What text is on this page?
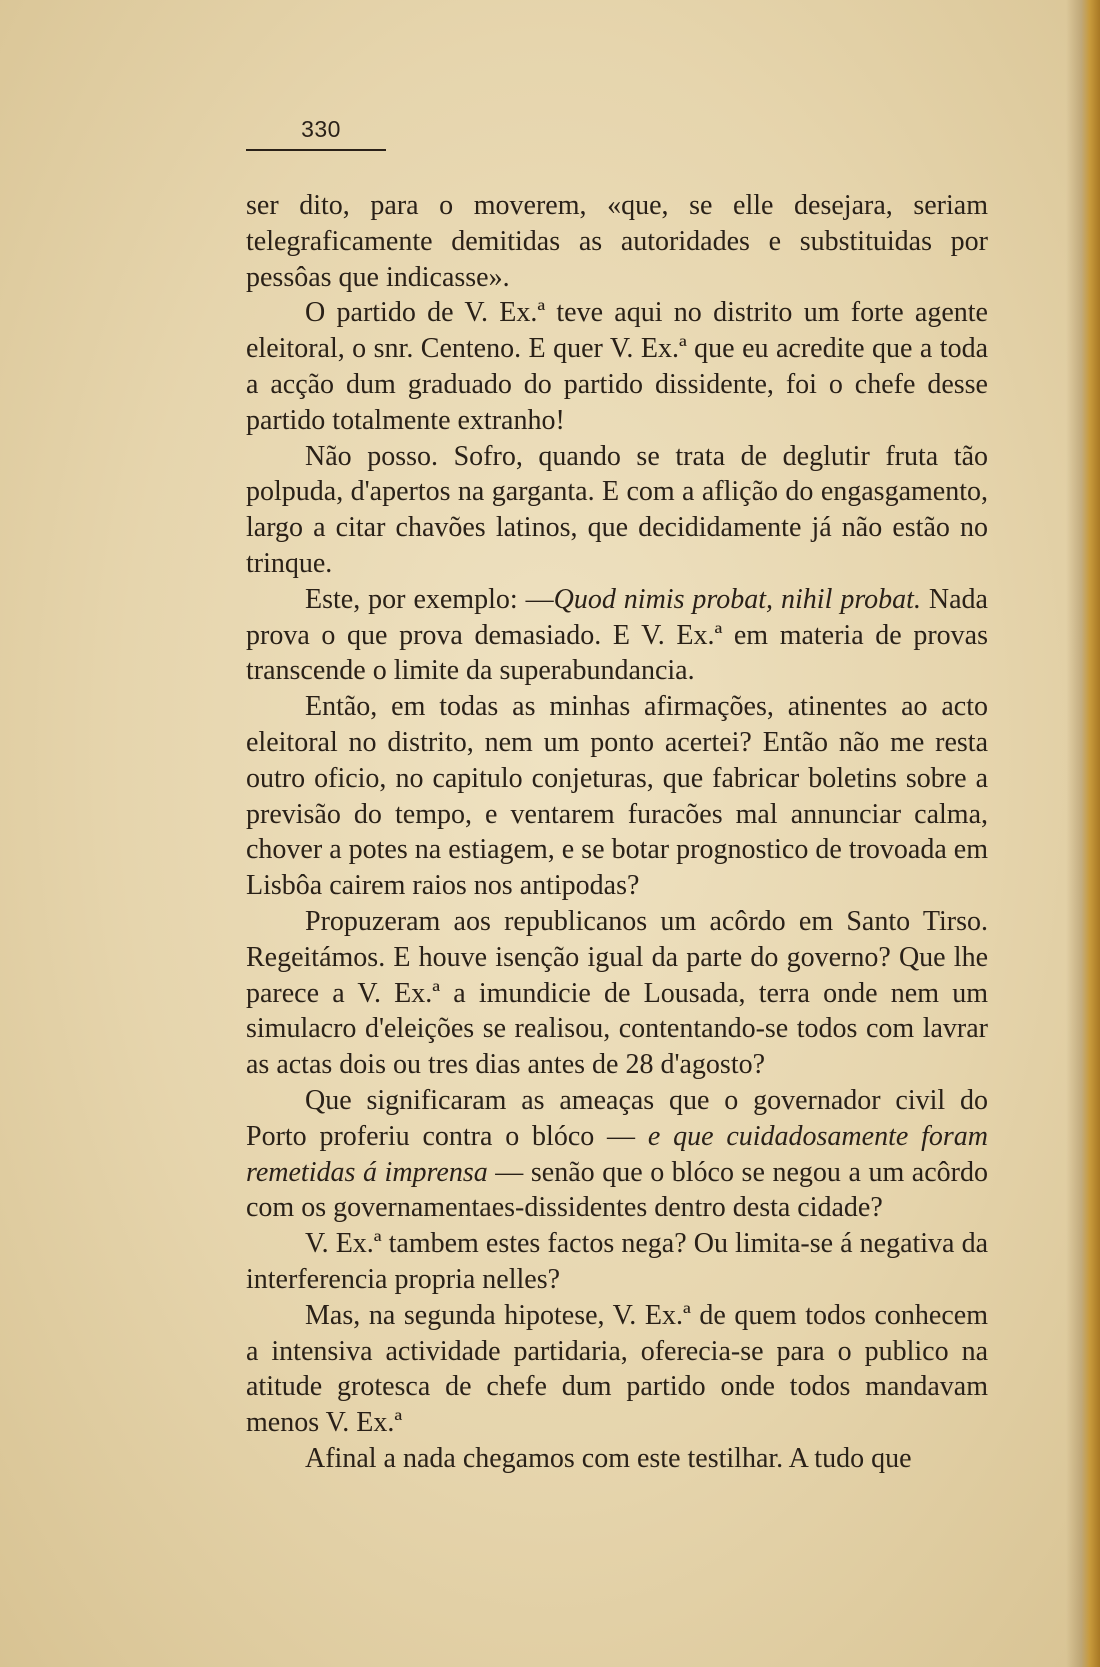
330

ser dito, para o moverem, «que, se elle desejara, seriam telegraficamente demitidas as autoridades e substituidas por pessôas que indicasse».

O partido de V. Ex.ª teve aqui no distrito um forte agente eleitoral, o snr. Centeno. E quer V. Ex.ª que eu acredite que a toda a acção dum graduado do partido dissidente, foi o chefe desse partido totalmente extranho!

Não posso. Sofro, quando se trata de deglutir fruta tão polpuda, d'apertos na garganta. E com a aflição do engasgamento, largo a citar chavões latinos, que decididamente já não estão no trinque.

Este, por exemplo: —Quod nimis probat, nihil probat. Nada prova o que prova demasiado. E V. Ex.ª em materia de provas transcende o limite da superabundancia.

Então, em todas as minhas afirmações, atinentes ao acto eleitoral no distrito, nem um ponto acertei? Então não me resta outro oficio, no capitulo conjeturas, que fabricar boletins sobre a previsão do tempo, e ventarem furacões mal annunciar calma, chover a potes na estiagem, e se botar prognostico de trovoada em Lisbôa cairem raios nos antipodas?

Propuzeram aos republicanos um acôrdo em Santo Tirso. Regeitámos. E houve isenção igual da parte do governo? Que lhe parece a V. Ex.ª a imundicie de Lousada, terra onde nem um simulacro d'eleições se realisou, contentando-se todos com lavrar as actas dois ou tres dias antes de 28 d'agosto?

Que significaram as ameaças que o governador civil do Porto proferiu contra o blóco — e que cuidadosamente foram remetidas á imprensa — senão que o blóco se negou a um acôrdo com os governamentaes-dissidentes dentro desta cidade?

V. Ex.ª tambem estes factos nega? Ou limita-se á negativa da interferencia propria nelles?

Mas, na segunda hipotese, V. Ex.ª de quem todos conhecem a intensiva actividade partidaria, oferecia-se para o publico na atitude grotesca de chefe dum partido onde todos mandavam menos V. Ex.ª

Afinal a nada chegamos com este testilhar. A tudo que
